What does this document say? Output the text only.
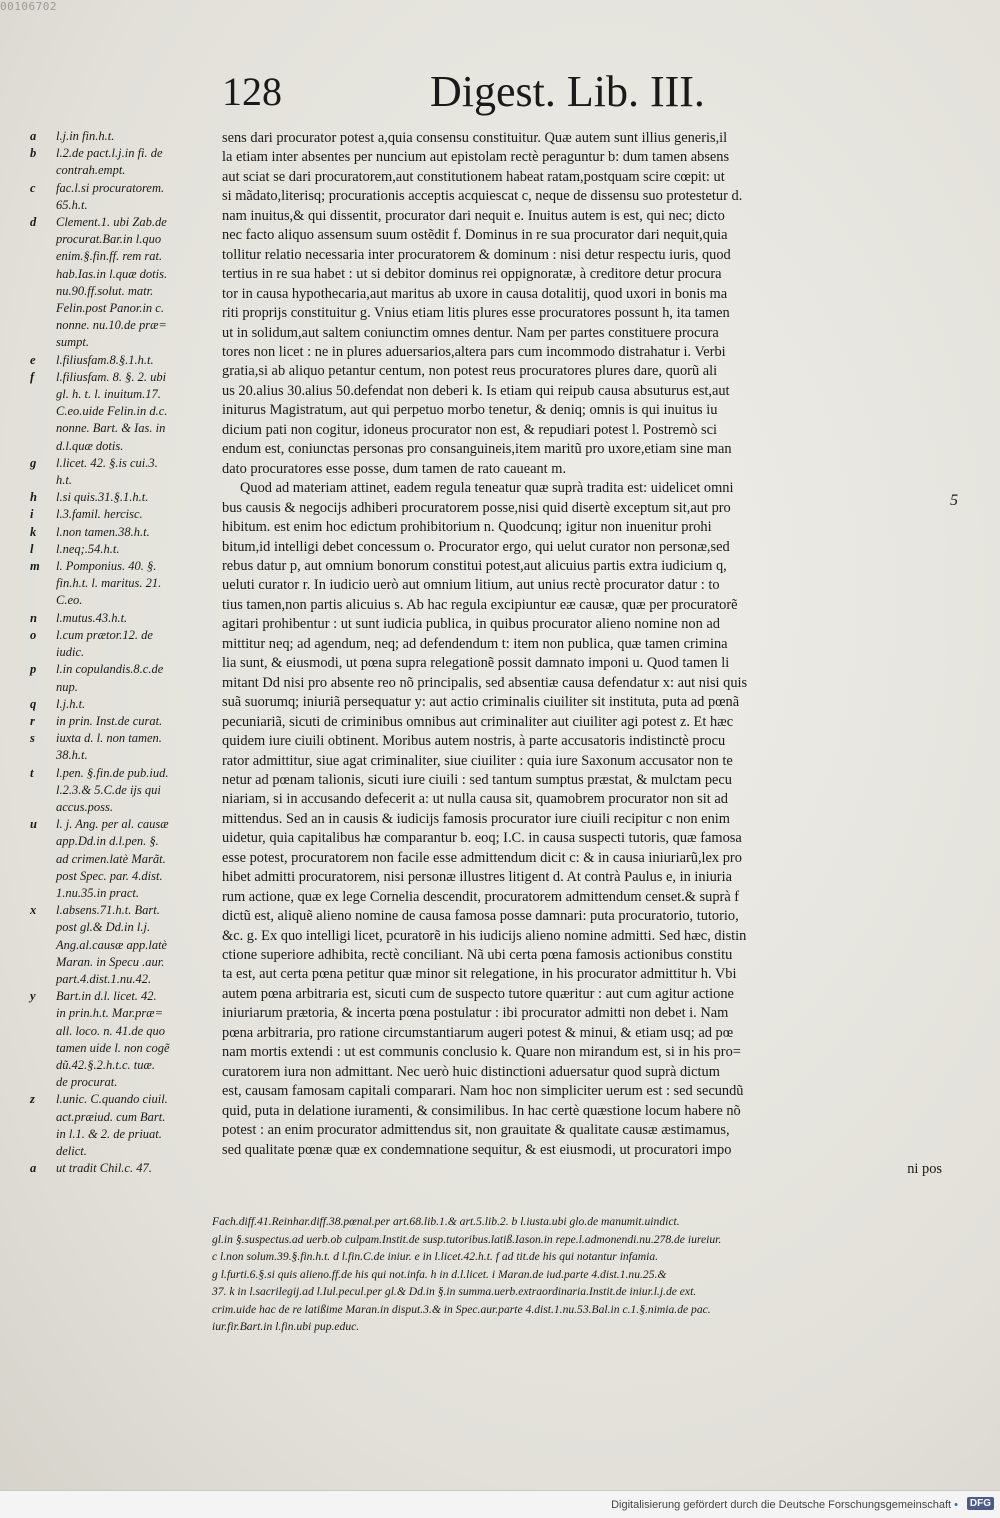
00106702
128	Digest. Lib. III.
a	l.j.in fin.h.t.
b	l.2.de pact.l.j.in fi. de
contrah.empt.
c	fac.l.si procuratorem.
65.h.t.
d	Clement.1. ubi Zab.de
procurat.Bar.in l.quo
enim.§.fin.ff. rem rat.
hab.Ias.in l.quæ dotis.
nu.90.ff.solut. matr.
Felin.post Panor.in c.
nonne. nu.10.de præ=
sumpt.
e	l.filiusfam.8.§.1.h.t.
f	l.filiusfam. 8. §. 2. ubi
gl. h. t. l. inuitum.17.
C.eo.uide Felin.in d.c.
nonne. Bart. & Ias. in
d.l.quæ dotis.
g	l.licet. 42. §.is cui.3.
h.t.
h	l.si quis.31.§.1.h.t.
i	l.3.famil. hercisc.
k	l.non tamen.38.h.t.
l	l.neq;.54.h.t.
m	l. Pomponius. 40. §.
fin.h.t. l. maritus. 21.
C.eo.
n	l.mutus.43.h.t.
o	l.cum prætor.12. de
iudic.
p	l.in copulandis.8.c.de
nup.
q	l.j.h.t.
r	in prin. Inst.de curat.
s	iuxta d. l. non tamen.
38.h.t.
t	l.pen. §.fin.de pub.iud.
l.2.3.& 5.C.de ijs qui
accus.poss.
u	l. j. Ang. per al. causæ
app.Dd.in d.l.pen. §.
ad crimen.latè Marãt.
post Spec. par. 4.dist.
1.nu.35.in pract.
x	l.absens.71.h.t. Bart.
post gl.& Dd.in l.j.
Ang.al.causæ app.latè
Maran. in Specu .aur.
part.4.dist.1.nu.42.
y	Bart.in d.l. licet. 42.
in prin.h.t. Mar.præ=
all. loco. n. 41.de quo
tamen uide l. non cogẽ
dũ.42.§.2.h.t.c. tuæ.
de procurat.
z	l.unic. C.quando ciuil.
act.præiud. cum Bart.
in l.1. & 2. de priuat.
delict.
a	ut tradit Chil.c. 47.
sens dari procurator potest a,quia consensu constituitur. Quæ autem sunt illius generis,il
la etiam inter absentes per nuncium aut epistolam rectè peraguntur b: dum tamen absens
aut sciat se dari procuratorem,aut constitutionem habeat ratam,postquam scire cœpit: ut
si mãdato,literisq; procurationis acceptis acquiescat c, neque de dissensu suo protestetur d.
nam inuitus,& qui dissentit, procurator dari nequit e. Inuitus autem is est, qui nec; dicto
nec facto aliquo assensum suum ostẽdit f. Dominus in re sua procurator dari nequit,quia
tollitur relatio necessaria inter procuratorem & dominum : nisi detur respectu iuris, quod
tertius in re sua habet : ut si debitor dominus rei oppignoratæ, à creditore detur procura
tor in causa hypothecaria,aut maritus ab uxore in causa dotalitij, quod uxori in bonis ma
riti proprijs constituitur g. Vnius etiam litis plures esse procuratores possunt h, ita tamen
ut in solidum,aut saltem coniunctim omnes dentur. Nam per partes constituere procura
tores non licet : ne in plures aduersarios,altera pars cum incommodo distrahatur i. Verbi
gratia,si ab aliquo petantur centum, non potest reus procuratores plures dare, quorũ ali
us 20.alius 30.alius 50.defendat non deberi k. Is etiam qui reipub causa absuturus est,aut
initurus Magistratum, aut qui perpetuo morbo tenetur, & deniq; omnis is qui inuitus iu
dicium pati non cogitur, idoneus procurator non est, & repudiari potest l. Postremò sci
endum est, coniunctas personas pro consanguineis,item maritũ pro uxore,etiam sine man
dato procuratores esse posse, dum tamen de rato caueant m.
Quod ad materiam attinet, eadem regula teneatur quæ suprà tradita est: uidelicet omni
bus causis & negocijs adhiberi procuratorem posse,nisi quid disertè exceptum sit,aut pro
hibitum. est enim hoc edictum prohibitorium n. Quodcunq; igitur non inuenitur prohi
bitum,id intelligi debet concessum o. Procurator ergo, qui uelut curator non personæ,sed
rebus datur p, aut omnium bonorum constitui potest,aut alicuius partis extra iudicium q,
ueluti curator r. In iudicio uerò aut omnium litium, aut unius rectè procurator datur : to
tius tamen,non partis alicuius s. Ab hac regula excipiuntur eæ causæ, quæ per procuratorẽ
agitari prohibentur : ut sunt iudicia publica, in quibus procurator alieno nomine non ad
mittitur neq; ad agendum, neq; ad defendendum t: item non publica, quæ tamen crimina
lia sunt, & eiusmodi, ut pœna supra relegationẽ possit damnato imponi u. Quod tamen li
mitant Dd nisi pro absente reo nõ principalis, sed absentiæ causa defendatur x: aut nisi quis
suã suorumq; iniuriã persequatur y: aut actio criminalis ciuiliter sit instituta, puta ad pœnã
pecuniariã, sicuti de criminibus omnibus aut criminaliter aut ciuiliter agi potest z. Et hæc
quidem iure ciuili obtinent. Moribus autem nostris, à parte accusatoris indistinctè procu
rator admittitur, siue agat criminaliter, siue ciuiliter : quia iure Saxonum accusator non te
netur ad pœnam talionis, sicuti iure ciuili : sed tantum sumptus præstat, & mulctam pecu
niariam, si in accusando defecerit a: ut nulla causa sit, quamobrem procurator non sit ad
mittendus. Sed an in causis & iudicijs famosis procurator iure ciuili recipitur c non enim
uidetur, quia capitalibus hæ comparantur b. eoq; I.C. in causa suspecti tutoris, quæ famosa
esse potest, procuratorem non facile esse admittendum dicit c: & in causa iniuriarũ,lex pro
hibet admitti procuratorem, nisi personæ illustres litigent d. At contrà Paulus e, in iniuria
rum actione, quæ ex lege Cornelia descendit, procuratorem admittendum censet.& suprà f
dictũ est, aliquẽ alieno nomine de causa famosa posse damnari: puta procuratorio, tutorio,
&c. g. Ex quo intelligi licet, pcuratorẽ in his iudicijs alieno nomine admitti. Sed hæc, distin
ctione superiore adhibita, rectè conciliant. Nã ubi certa pœna famosis actionibus constitu
ta est, aut certa pœna petitur quæ minor sit relegatione, in his procurator admittitur h. Vbi
autem pœna arbitraria est, sicuti cum de suspecto tutore quæritur : aut cum agitur actione
iniuriarum prætoria, & incerta pœna postulatur : ibi procurator admitti non debet i. Nam
pœna arbitraria, pro ratione circumstantiarum augeri potest & minui, & etiam usq; ad pœ
nam mortis extendi : ut est communis conclusio k. Quare non mirandum est, si in his pro=
curatorem iura non admittant. Nec uerò huic distinctioni aduersatur quod suprà dictum
est, causam famosam capitali comparari. Nam hoc non simpliciter uerum est : sed secundũ
quid, puta in delatione iuramenti, & consimilibus. In hac certè quæstione locum habere nõ
potest : an enim procurator admittendus sit, non grauitate & qualitate causæ æstimamus,
sed qualitate pœnæ quæ ex condemnatione sequitur, & est eiusmodi, ut procuratori impo
ni pos
5
Fach.diff.41.Reinhar.diff.38.pœnal.per art.68.lib.1.& art.5.lib.2. b l.iusta.ubi glo.de manumit.uindict.
gl.in §.suspectus.ad uerb.ob culpam.Instit.de susp.tutoribus.latiß.Iason.in repe.l.admonendi.nu.278.de iureiur.
c l.non solum.39.§.fin.h.t. d l.fin.C.de iniur. e in l.licet.42.h.t. f ad tit.de his qui notantur infamia.
g l.furti.6.§.si quis alieno.ff.de his qui not.infa. h in d.l.licet. i Maran.de iud.parte 4.dist.1.nu.25.&
37. k in l.sacrilegij.ad l.Iul.pecul.per gl.& Dd.in §.in summa.uerb.extraordinaria.Instit.de iniur.l.j.de ext.
crim.uide hac de re latißime Maran.in disput.3.& in Spec.aur.parte 4.dist.1.nu.53.Bal.in c.1.§.nimia.de pac.
iur.fir.Bart.in l.fin.ubi pup.educ.
Digitalisierung gefördert durch die Deutsche Forschungsgemeinschaft •	DFG
